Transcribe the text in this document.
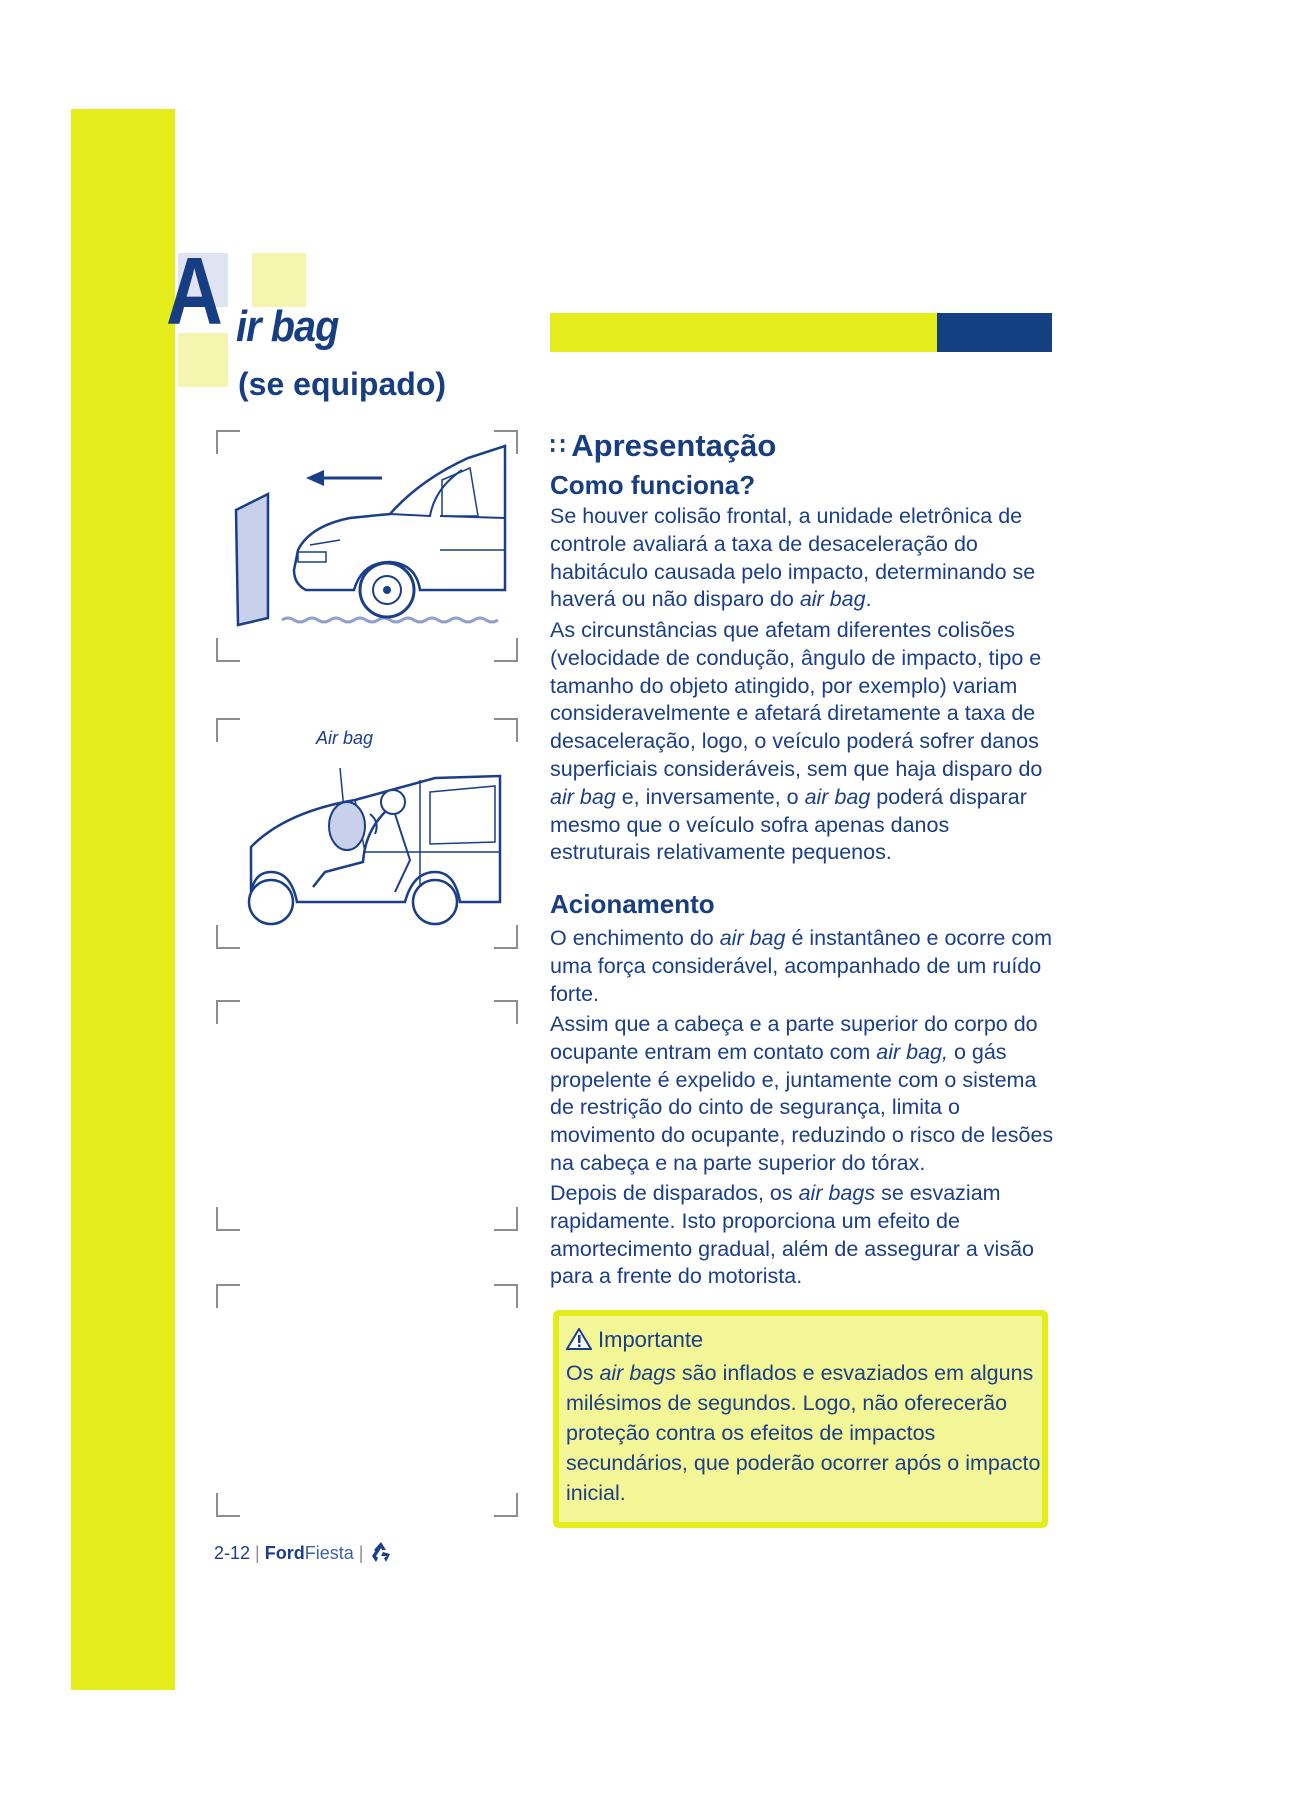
A ir bag
(se equipado)
Air bag
∷ Apresentação
Como funciona?

Se houver colisão frontal, a unidade eletrônica de controle avaliará a taxa de desaceleração do habitáculo causada pelo impacto, determinando se haverá ou não disparo do air bag.

As circunstâncias que afetam diferentes colisões (velocidade de condução, ângulo de impacto, tipo e tamanho do objeto atingido, por exemplo) variam consideravelmente e afetará diretamente a taxa de desaceleração, logo, o veículo poderá sofrer danos superficiais consideráveis, sem que haja disparo do air bag e, inversamente, o air bag poderá disparar mesmo que o veículo sofra apenas danos estruturais relativamente pequenos.

Acionamento

O enchimento do air bag é instantâneo e ocorre com uma força considerável, acompanhado de um ruído forte.

Assim que a cabeça e a parte superior do corpo do ocupante entram em contato com air bag, o gás propelente é expelido e, juntamente com o sistema de restrição do cinto de segurança, limita o movimento do ocupante, reduzindo o risco de lesões na cabeça e na parte superior do tórax.

Depois de disparados, os air bags se esvaziam rapidamente. Isto proporciona um efeito de amortecimento gradual, além de assegurar a visão para a frente do motorista.

Importante

Os air bags são inflados e esvaziados em alguns milésimos de segundos. Logo, não oferecerão proteção contra os efeitos de impactos secundários, que poderão ocorrer após o impacto inicial.

2-12 | FordFiesta |
